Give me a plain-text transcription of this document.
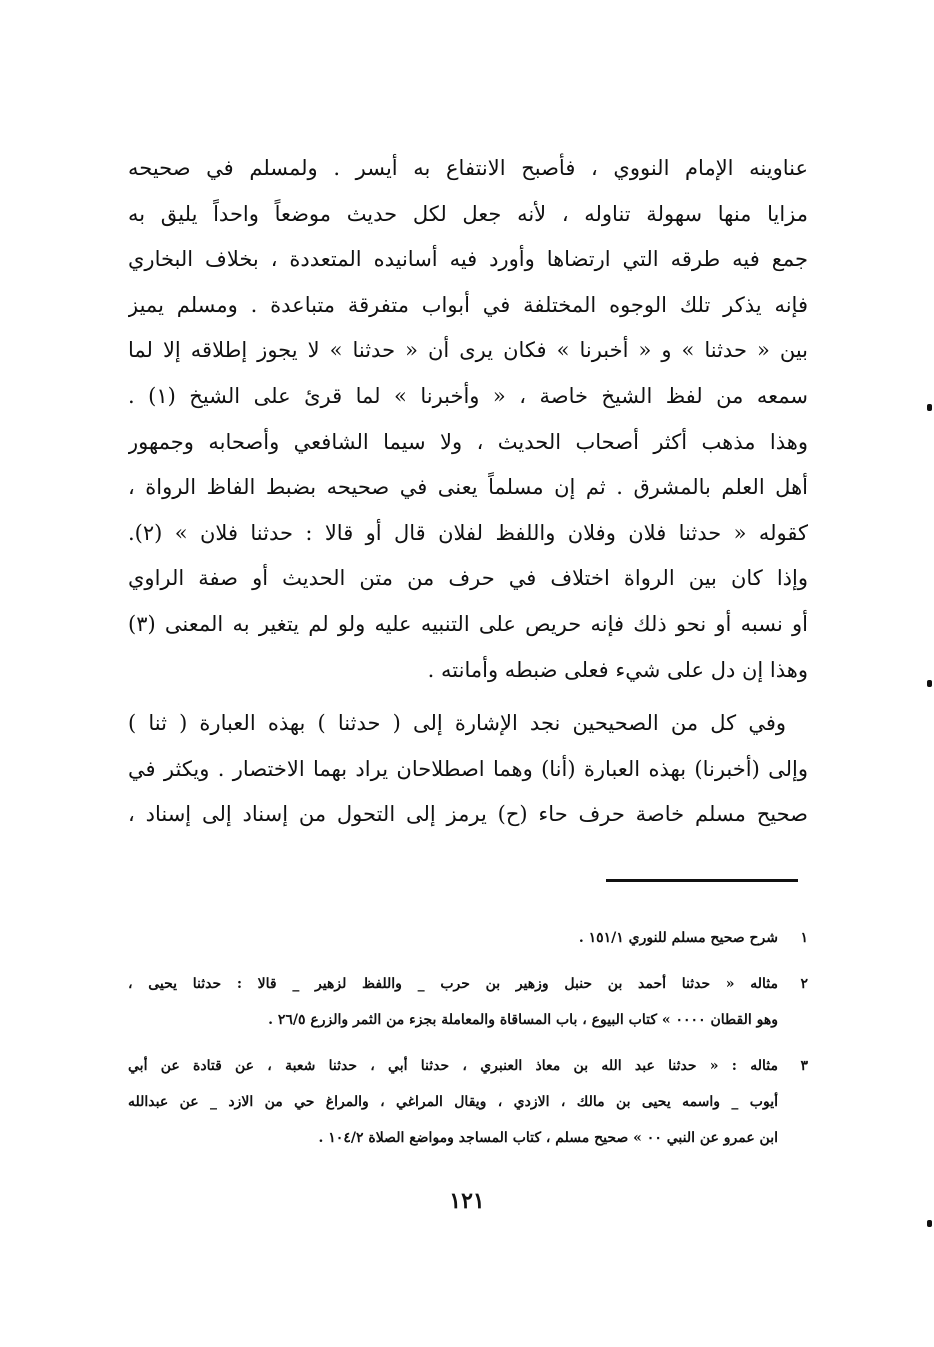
عناوينه الإمام النووي ، فأصبح الانتفاع به أيسر . ولمسلم في صحيحه
مزايا منها سهولة تناوله ، لأنه جعل لكل حديث موضعاً واحداً يليق به
جمع فيه طرقه التي ارتضاها وأورد فيه أسانيده المتعددة ، بخلاف البخاري
فإنه يذكر تلك الوجوه المختلفة في أبواب متفرقة متباعدة . ومسلم يميز
بين « حدثنا » و « أخبرنا » فكان يرى أن « حدثنا » لا يجوز إطلاقه إلا لما
سمعه من لفظ الشيخ خاصة ، « وأخبرنا » لما قرئ على الشيخ (١) .
وهذا مذهب أكثر أصحاب الحديث ، ولا سيما الشافعي وأصحابه وجمهور
أهل العلم بالمشرق . ثم إن مسلماً يعنى في صحيحه بضبط الفاظ الرواة ،
كقوله « حدثنا فلان وفلان واللفظ لفلان قال أو قالا : حدثنا فلان » (٢).
وإذا كان بين الرواة اختلاف في حرف من متن الحديث أو صفة الراوي
أو نسبه أو نحو ذلك فإنه حريص على التنبيه عليه ولو لم يتغير به المعنى (٣)
وهذا إن دل على شيء فعلى ضبطه وأمانته .
وفي كل من الصحيحين نجد الإشارة إلى ( حدثنا ) بهذه العبارة ( ثنا )
وإلى (أخبرنا) بهذه العبارة (أنا) وهما اصطلاحان يراد بهما الاختصار . ويكثر في
صحيح مسلم خاصة حرف حاء (ح) يرمز إلى التحول من إسناد إلى إسناد ،
١
شرح صحيح مسلم للنوري ١٥١/١ .
٢
مثاله « حدثنا أحمد بن حنبل وزهير بن حرب _ واللفظ لزهير _ قالا : حدثنا يحيى ،
وهو القطان ٠٠٠٠ » كتاب البيوع ، باب المساقاة والمعاملة بجزء من الثمر والزرع ٢٦/٥ .
٣
مثاله : « حدثنا عبد الله بن معاذ العنبري ، حدثنا أبي ، حدثنا شعبة ، عن قتادة عن أبي
أيوب _ واسمه يحيى بن مالك ، الازدي ، ويقال المراغي ، والمراغ حي من الازد _ عن عبدالله
ابن عمرو عن النبي ٠٠ » صحيح مسلم ، كتاب المساجد ومواضع الصلاة ١٠٤/٢ .
١٢١
